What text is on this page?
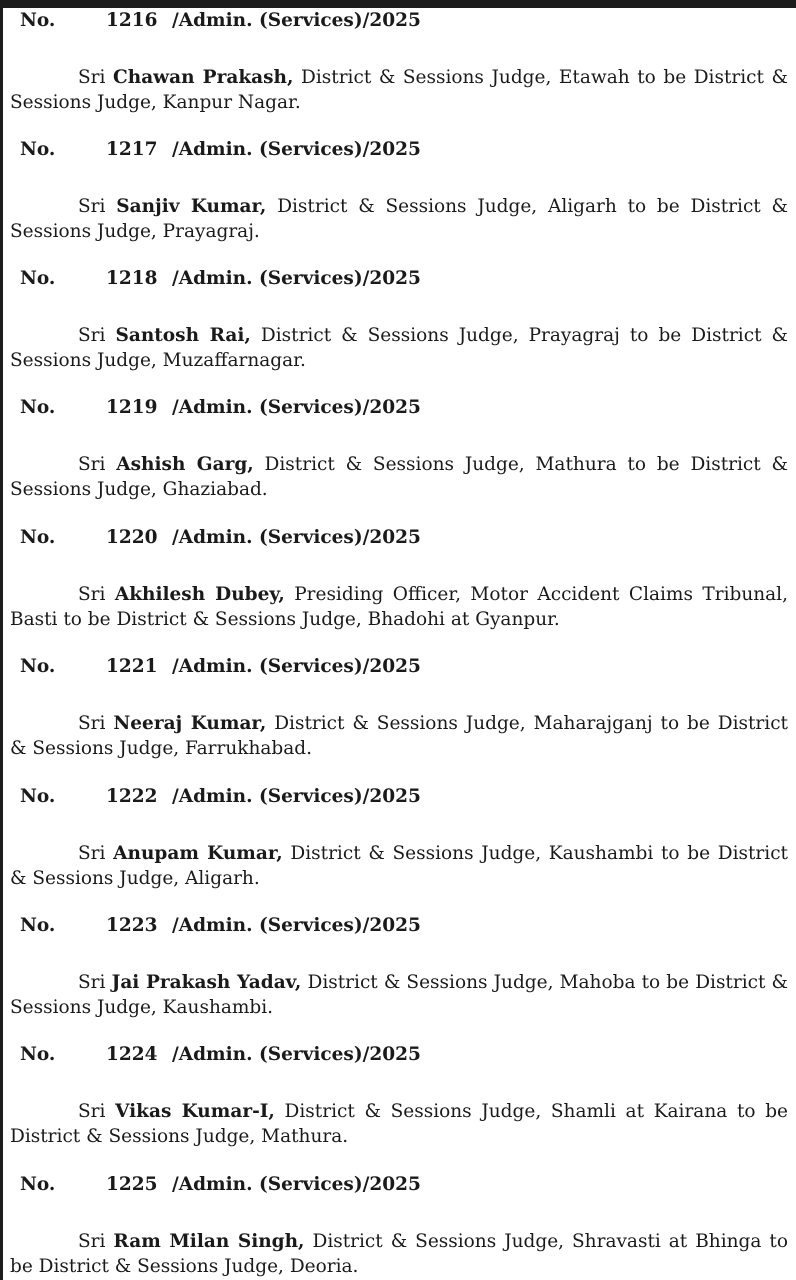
No.	1216 /Admin. (Services)/2025
Sri Chawan Prakash, District & Sessions Judge, Etawah to be District & Sessions Judge, Kanpur Nagar.
No.	1217 /Admin. (Services)/2025
Sri Sanjiv Kumar, District & Sessions Judge, Aligarh to be District & Sessions Judge, Prayagraj.
No.	1218 /Admin. (Services)/2025
Sri Santosh Rai, District & Sessions Judge, Prayagraj to be District & Sessions Judge, Muzaffarnagar.
No.	1219 /Admin. (Services)/2025
Sri Ashish Garg, District & Sessions Judge, Mathura to be District & Sessions Judge, Ghaziabad.
No.	1220 /Admin. (Services)/2025
Sri Akhilesh Dubey, Presiding Officer, Motor Accident Claims Tribunal, Basti to be District & Sessions Judge, Bhadohi at Gyanpur.
No.	1221 /Admin. (Services)/2025
Sri Neeraj Kumar, District & Sessions Judge, Maharajganj to be District & Sessions Judge, Farrukhabad.
No.	1222 /Admin. (Services)/2025
Sri Anupam Kumar, District & Sessions Judge, Kaushambi to be District & Sessions Judge, Aligarh.
No.	1223 /Admin. (Services)/2025
Sri Jai Prakash Yadav, District & Sessions Judge, Mahoba to be District & Sessions Judge, Kaushambi.
No.	1224 /Admin. (Services)/2025
Sri Vikas Kumar-I, District & Sessions Judge, Shamli at Kairana to be District & Sessions Judge, Mathura.
No.	1225 /Admin. (Services)/2025
Sri Ram Milan Singh, District & Sessions Judge, Shravasti at Bhinga to be District & Sessions Judge, Deoria.
